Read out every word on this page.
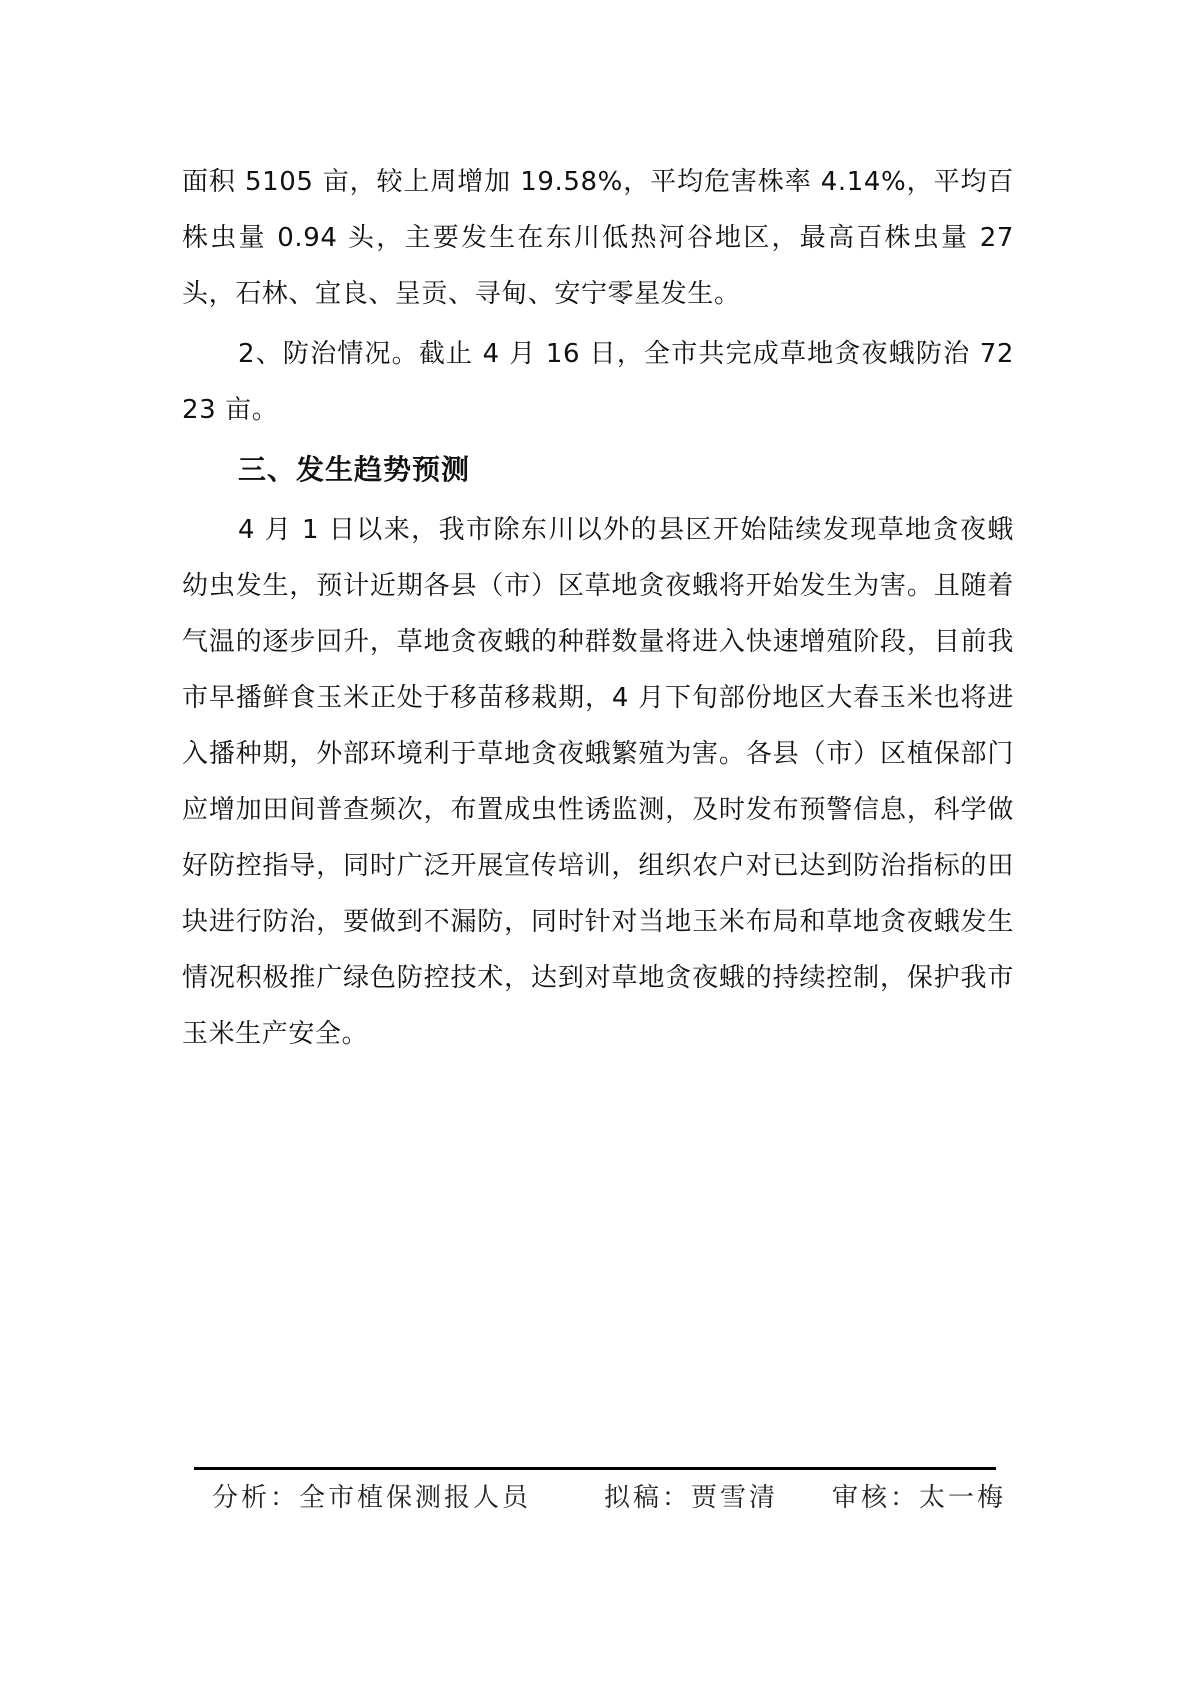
面积 5105 亩，较上周增加 19.58%，平均危害株率 4.14%，平均百株虫量 0.94 头，主要发生在东川低热河谷地区，最高百株虫量 27 头，石林、宜良、呈贡、寻甸、安宁零星发生。

2、防治情况。截止 4 月 16 日，全市共完成草地贪夜蛾防治 7223 亩。

三、发生趋势预测

4 月 1 日以来，我市除东川以外的县区开始陆续发现草地贪夜蛾幼虫发生，预计近期各县（市）区草地贪夜蛾将开始发生为害。且随着气温的逐步回升，草地贪夜蛾的种群数量将进入快速增殖阶段，目前我市早播鲜食玉米正处于移苗移栽期，4 月下旬部份地区大春玉米也将进入播种期，外部环境利于草地贪夜蛾繁殖为害。各县（市）区植保部门应增加田间普查频次，布置成虫性诱监测，及时发布预警信息，科学做好防控指导，同时广泛开展宣传培训，组织农户对已达到防治指标的田块进行防治，要做到不漏防，同时针对当地玉米布局和草地贪夜蛾发生情况积极推广绿色防控技术，达到对草地贪夜蛾的持续控制，保护我市玉米生产安全。

分析：全市植保测报人员	拟稿：贾雪清 审核：太一梅
